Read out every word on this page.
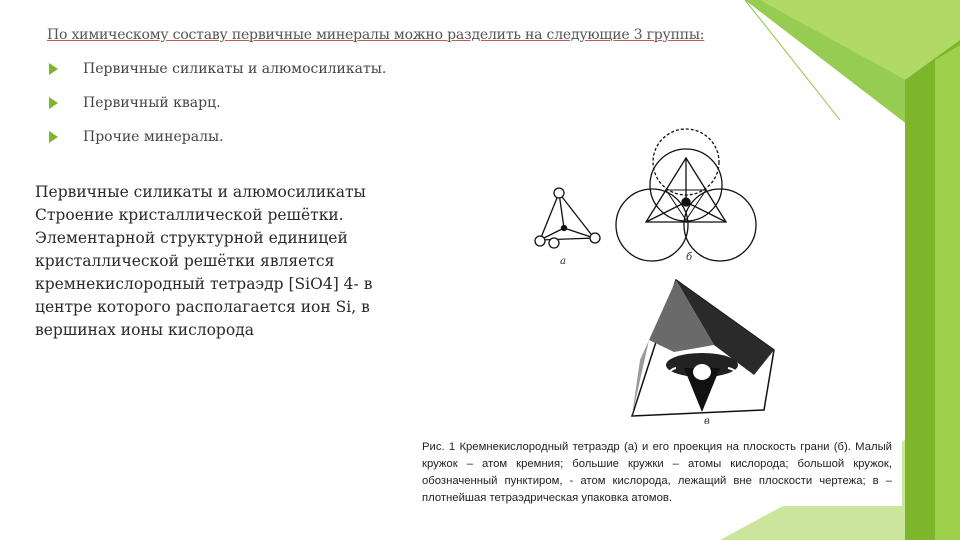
По химическому составу первичные минералы можно разделить на следующие 3 группы:
Первичные силикаты и алюмосиликаты.
Первичный кварц.
Прочие минералы.
Первичные силикаты и алюмосиликаты Строение кристаллической решётки. Элементарной структурной единицей кристаллической решётки является кремнекислородный тетраэдр [SiO4] 4- в центре которого располагается ион Si, в вершинах ионы кислорода
а	б
в
Рис. 1 Кремнекислородный тетраэдр (а) и его проекция на плоскость грани (б). Малый кружок – атом кремния; большие кружки – атомы кислорода; большой кружок, обозначенный пунктиром, - атом кислорода, лежащий вне плоскости чертежа; в – плотнейшая тетраэдрическая упаковка атомов.
